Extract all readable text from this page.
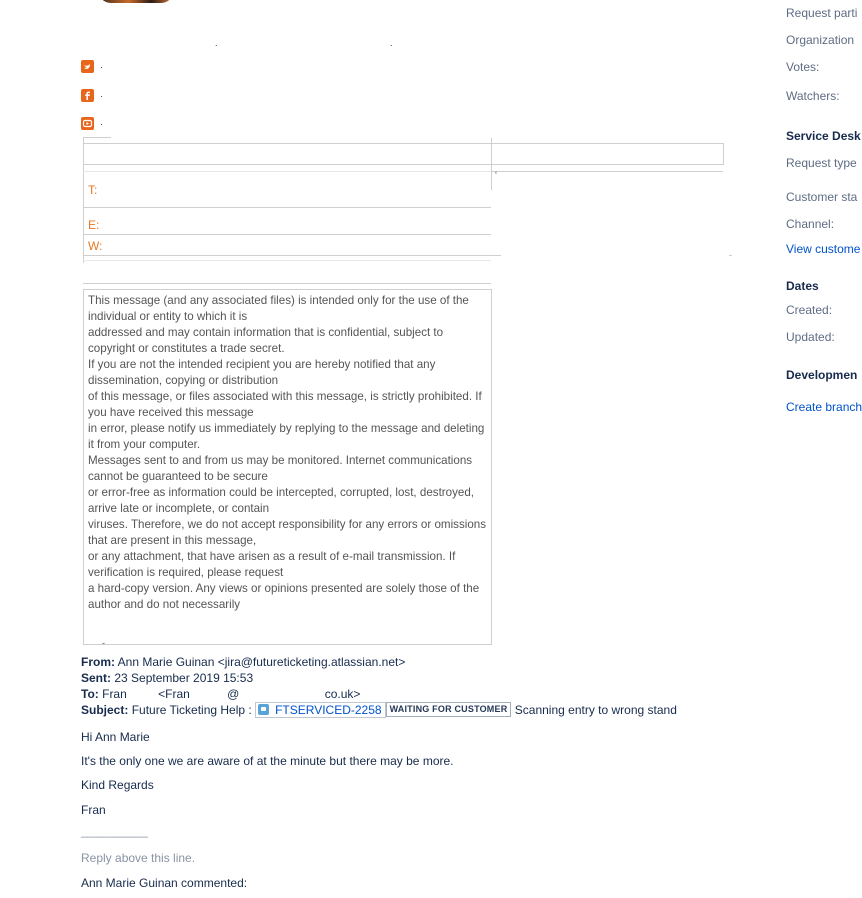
.	.
·
·
·
‘
T:
E:
W:

This message (and any associated files) is intended only for the use of the individual or entity to which it is

addressed and may contain information that is confidential, subject to copyright or constitutes a trade secret.

If you are not the intended recipient you are hereby notified that any dissemination, copying or distribution

of this message, or files associated with this message, is strictly prohibited. If you have received this message

in error, please notify us immediately by replying to the message and deleting it from your computer.

Messages sent to and from us may be monitored. Internet communications cannot be guaranteed to be secure

or error-free as information could be intercepted, corrupted, lost, destroyed, arrive late or incomplete, or contain

viruses. Therefore, we do not accept responsibility for any errors or omissions that are present in this message,

or any attachment, that have arisen as a result of e-mail transmission. If verification is required, please request

a hard-copy version. Any views or opinions presented are solely those of the author and do not necessarily

-

From: Ann Marie Guinan <jira@futureticketing.atlassian.net>
Sent: 23 September 2019 15:53
To: Fran	<Fran	@	co.uk>
Subject: Future Ticketing Help : FTSERVICED-2258 WAITING FOR CUSTOMER Scanning entry to wrong stand
Hi Ann Marie
It's the only one we are aware of at the minute but there may be more.
Kind Regards
Fran
__________
Reply above this line.
Ann Marie Guinan commented:
Request parti
Organization
Votes:
Watchers:
Service Desk
Request type
Customer sta
Channel:
View custome
Dates
Created:
Updated:
Developmen
Create branch
